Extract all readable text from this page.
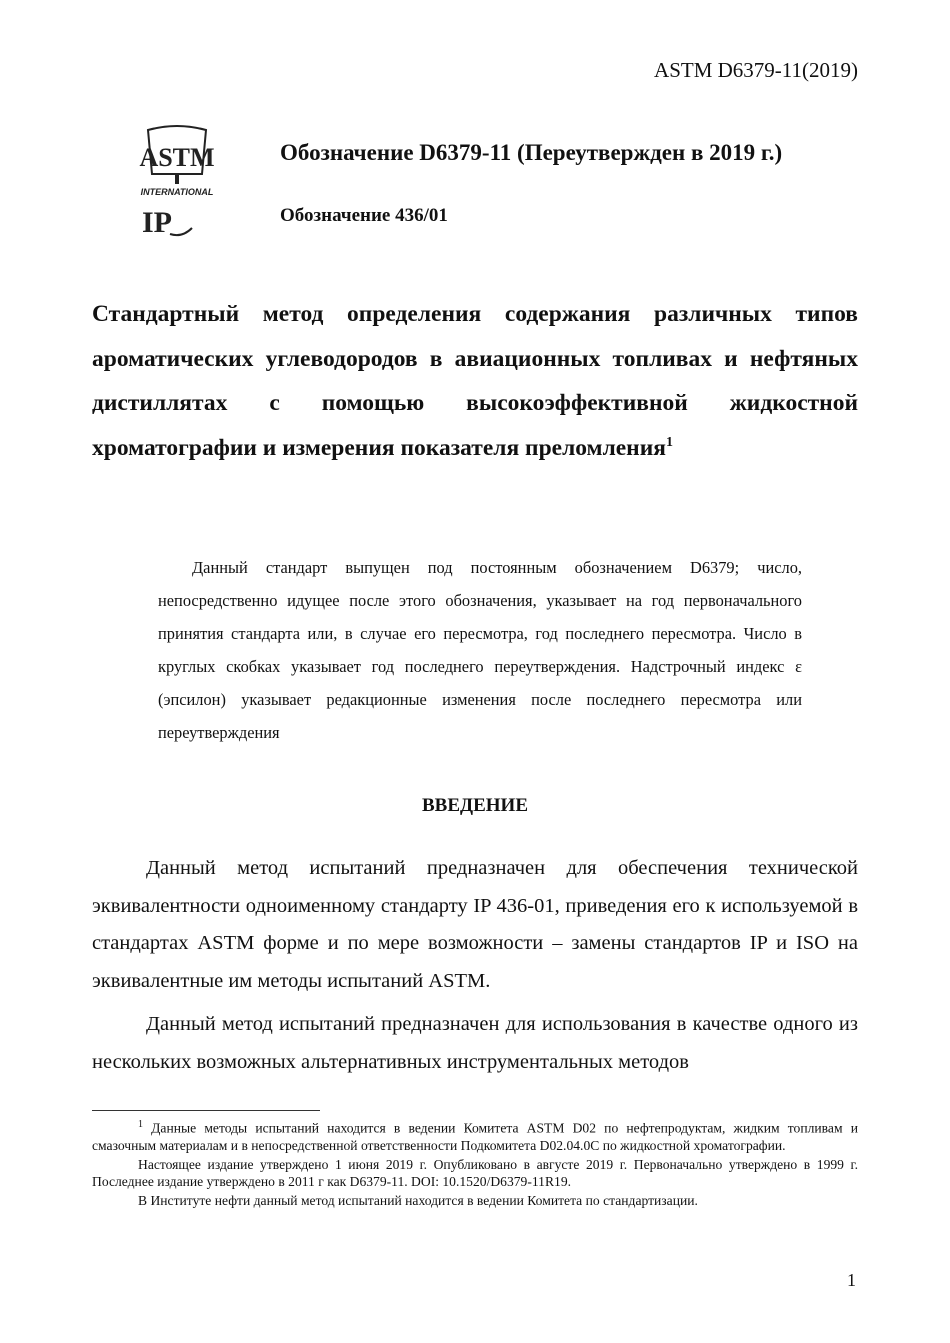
ASTM D6379-11(2019)
ASTM
INTERNATIONAL
IP
Обозначение D6379-11 (Переутвержден в 2019 г.)
Обозначение 436/01
Стандартный метод определения содержания различных типов ароматических углеводородов в авиационных топливах и нефтяных дистиллятах с помощью высокоэффективной жидкостной хроматографии и измерения показателя преломления$^1$

Данный стандарт выпущен под постоянным обозначением D6379; число, непосредственно идущее после этого обозначения, указывает на год первоначального принятия стандарта или, в случае его пересмотра, год последнего пересмотра. Число в круглых скобках указывает год последнего переутверждения. Надстрочный индекс ε (эпсилон) указывает редакционные изменения после последнего пересмотра или переутверждения

ВВЕДЕНИЕ

Данный метод испытаний предназначен для обеспечения технической эквивалентности одноименному стандарту IP 436-01, приведения его к используемой в стандартах ASTM форме и по мере возможности – замены стандартов IP и ISO на эквивалентные им методы испытаний ASTM.

Данный метод испытаний предназначен для использования в качестве одного из нескольких возможных альтернативных инструментальных методов

$^1$ Данные методы испытаний находится в ведении Комитета ASTM D02 по нефтепродуктам, жидким топливам и смазочным материалам и в непосредственной ответственности Подкомитета D02.04.0C по жидкостной хроматографии.

Настоящее издание утверждено 1 июня 2019 г. Опубликовано в августе 2019 г. Первоначально утверждено в 1999 г. Последнее издание утверждено в 2011 г как D6379-11. DOI: 10.1520/D6379-11R19.

В Институте нефти данный метод испытаний находится в ведении Комитета по стандартизации.

1
